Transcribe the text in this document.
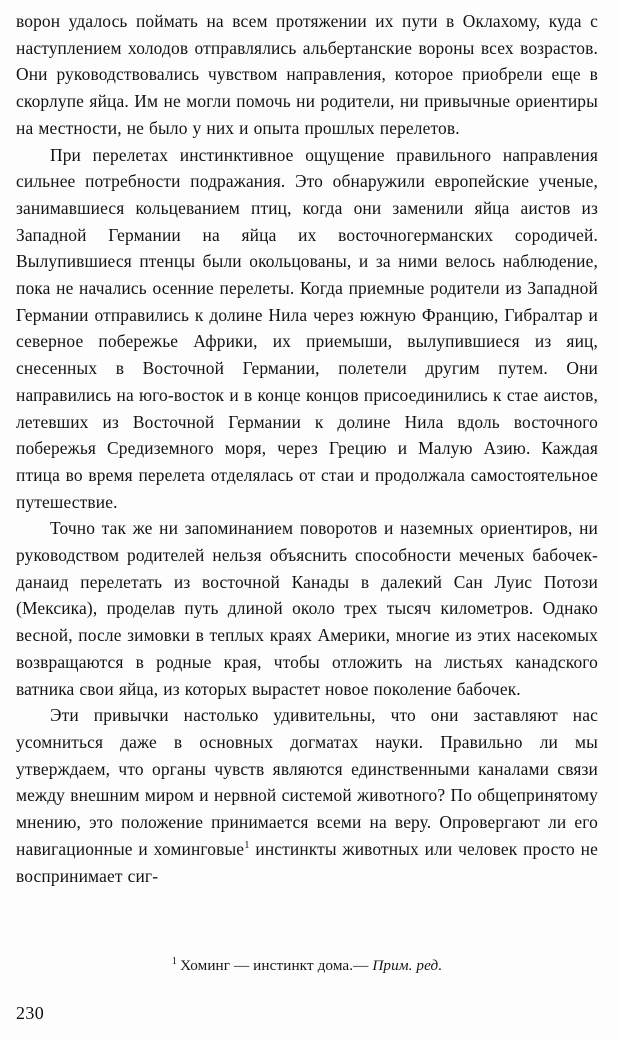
ворон удалось поймать на всем протяжении их пути в Оклахому, куда с наступлением холодов отправлялись альбертанские вороны всех возрастов. Они руководствовались чувством направления, которое приобрели еще в скорлупе яйца. Им не могли помочь ни родители, ни привычные ориентиры на местности, не было у них и опыта прошлых перелетов.

При перелетах инстинктивное ощущение правильного направления сильнее потребности подражания. Это обнаружили европейские ученые, занимавшиеся кольцеванием птиц, когда они заменили яйца аистов из Западной Германии на яйца их восточногерманских сородичей. Вылупившиеся птенцы были окольцованы, и за ними велось наблюдение, пока не начались осенние перелеты. Когда приемные родители из Западной Германии отправились к долине Нила через южную Францию, Гибралтар и северное побережье Африки, их приемыши, вылупившиеся из яиц, снесенных в Восточной Германии, полетели другим путем. Они направились на юго-восток и в конце концов присоединились к стае аистов, летевших из Восточной Германии к долине Нила вдоль восточного побережья Средиземного моря, через Грецию и Малую Азию. Каждая птица во время перелета отделялась от стаи и продолжала самостоятельное путешествие.

Точно так же ни запоминанием поворотов и наземных ориентиров, ни руководством родителей нельзя объяснить способности меченых бабочек-данаид перелетать из восточной Канады в далекий Сан Луис Потози (Мексика), проделав путь длиной около трех тысяч километров. Однако весной, после зимовки в теплых краях Америки, многие из этих насекомых возвращаются в родные края, чтобы отложить на листьях канадского ватника свои яйца, из которых вырастет новое поколение бабочек.

Эти привычки настолько удивительны, что они заставляют нас усомниться даже в основных догматах науки. Правильно ли мы утверждаем, что органы чувств являются единственными каналами связи между внешним миром и нервной системой животного? По общепринятому мнению, это положение принимается всеми на веру. Опровергают ли его навигационные и хоминговые$^1$ инстинкты животных или человек просто не воспринимает сиг-

$^1$ Хоминг — инстинкт дома.— Прим. ред.
230
